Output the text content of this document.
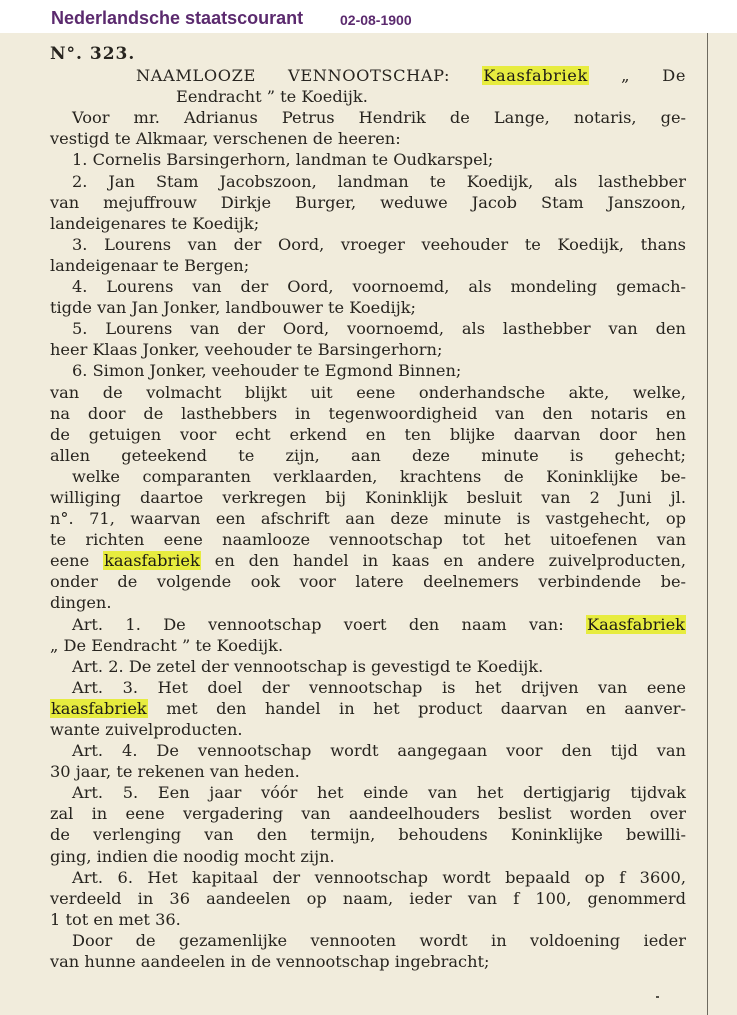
Nederlandsche staatscourant	02-08-1900
N°. 323.
NAAMLOOZE VENNOOTSCHAP: Kaasfabriek „ De
Eendracht ” te Koedijk.
Voor mr. Adrianus Petrus Hendrik de Lange, notaris, ge-
vestigd te Alkmaar, verschenen de heeren:
1. Cornelis Barsingerhorn, landman te Oudkarspel;
2. Jan Stam Jacobszoon, landman te Koedijk, als lasthebber
van mejuffrouw Dirkje Burger, weduwe Jacob Stam Janszoon,
landeigenares te Koedijk;
3. Lourens van der Oord, vroeger veehouder te Koedijk, thans
landeigenaar te Bergen;
4. Lourens van der Oord, voornoemd, als mondeling gemach-
tigde van Jan Jonker, landbouwer te Koedijk;
5. Lourens van der Oord, voornoemd, als lasthebber van den
heer Klaas Jonker, veehouder te Barsingerhorn;
6. Simon Jonker, veehouder te Egmond Binnen;
van de volmacht blijkt uit eene onderhandsche akte, welke,
na door de lasthebbers in tegenwoordigheid van den notaris en
de getuigen voor echt erkend en ten blijke daarvan door hen
allen geteekend te zijn, aan deze minute is gehecht;
welke comparanten verklaarden, krachtens de Koninklijke be-
williging daartoe verkregen bij Koninklijk besluit van 2 Juni jl.
n°. 71, waarvan een afschrift aan deze minute is vastgehecht, op
te richten eene naamlooze vennootschap tot het uitoefenen van
eene kaasfabriek en den handel in kaas en andere zuivelproducten,
onder de volgende ook voor latere deelnemers verbindende be-
dingen.
Art. 1. De vennootschap voert den naam van: Kaasfabriek
„ De Eendracht ” te Koedijk.
Art. 2. De zetel der vennootschap is gevestigd te Koedijk.
Art. 3. Het doel der vennootschap is het drijven van eene
kaasfabriek met den handel in het product daarvan en aanver-
wante zuivelproducten.
Art. 4. De vennootschap wordt aangegaan voor den tijd van
30 jaar, te rekenen van heden.
Art. 5. Een jaar vóór het einde van het dertigjarig tijdvak
zal in eene vergadering van aandeelhouders beslist worden over
de verlenging van den termijn, behoudens Koninklijke bewilli-
ging, indien die noodig mocht zijn.
Art. 6. Het kapitaal der vennootschap wordt bepaald op f 3600,
verdeeld in 36 aandeelen op naam, ieder van f 100, genommerd
1 tot en met 36.
Door de gezamenlijke vennooten wordt in voldoening ieder
van hunne aandeelen in de vennootschap ingebracht;
